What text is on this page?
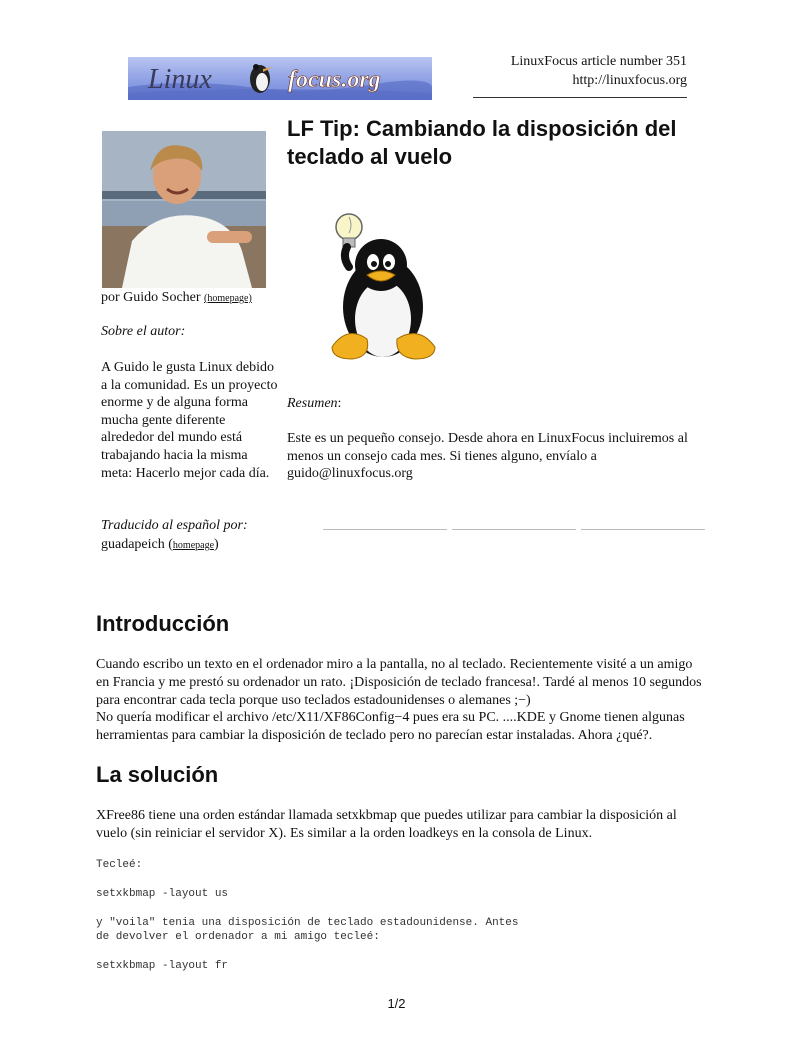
LinuxFocus article number 351
http://linuxfocus.org
Linux	focus.org
LF Tip: Cambiando la disposición del teclado al vuelo
por Guido Socher (homepage)
Sobre el autor:
A Guido le gusta Linux debido a la comunidad. Es un proyecto enorme y de alguna forma mucha gente diferente alrededor del mundo está trabajando hacia la misma meta: Hacerlo mejor cada día.
Resumen:
Este es un pequeño consejo. Desde ahora en LinuxFocus incluiremos al menos un consejo cada mes. Si tienes alguno, envíalo a guido@linuxfocus.org
Traducido al español por:
guadapeich (homepage)
Introducción
Cuando escribo un texto en el ordenador miro a la pantalla, no al teclado. Recientemente visité a un amigo en Francia y me prestó su ordenador un rato. ¡Disposición de teclado francesa!. Tardé al menos 10 segundos para encontrar cada tecla porque uso teclados estadounidenses o alemanes ;−)
No quería modificar el archivo /etc/X11/XF86Config−4 pues era su PC. ....KDE y Gnome tienen algunas herramientas para cambiar la disposición de teclado pero no parecían estar instaladas. Ahora ¿qué?.
La solución
XFree86 tiene una orden estándar llamada setxkbmap que puedes utilizar para cambiar la disposición al vuelo (sin reiniciar el servidor X). Es similar a la orden loadkeys en la consola de Linux.
Tecleé:
setxkbmap -layout us
y "voila" tenia una disposición de teclado estadounidense. Antes
de devolver el ordenador a mi amigo tecleé:
setxkbmap -layout fr
1/2
